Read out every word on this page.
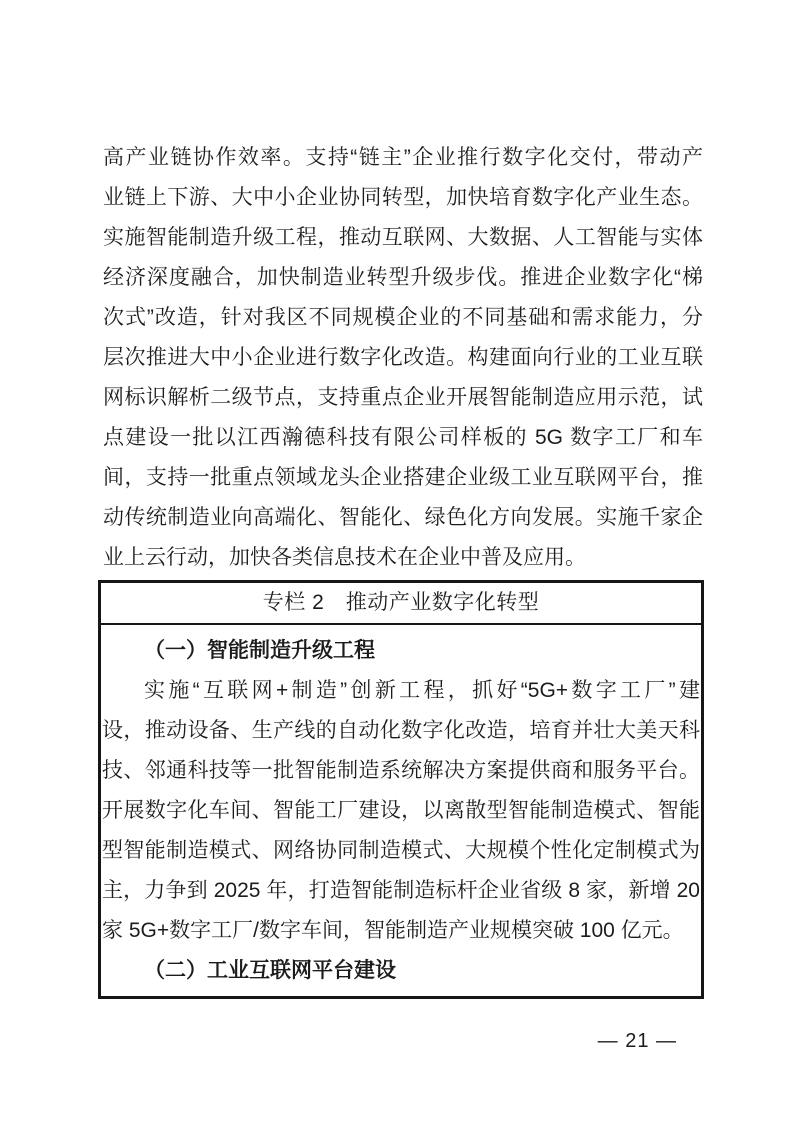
高产业链协作效率。支持“链主”企业推行数字化交付，带动产
业链上下游、大中小企业协同转型，加快培育数字化产业生态。
实施智能制造升级工程，推动互联网、大数据、人工智能与实体
经济深度融合，加快制造业转型升级步伐。推进企业数字化“梯
次式”改造，针对我区不同规模企业的不同基础和需求能力，分
层次推进大中小企业进行数字化改造。构建面向行业的工业互联
网标识解析二级节点，支持重点企业开展智能制造应用示范，试
点建设一批以江西瀚德科技有限公司样板的 5G 数字工厂和车
间，支持一批重点领域龙头企业搭建企业级工业互联网平台，推
动传统制造业向高端化、智能化、绿色化方向发展。实施千家企
业上云行动，加快各类信息技术在企业中普及应用。
专栏 2　推动产业数字化转型
（一）智能制造升级工程
实施“互联网+制造”创新工程，抓好“5G+数字工厂”建
设，推动设备、生产线的自动化数字化改造，培育并壮大美天科
技、邻通科技等一批智能制造系统解决方案提供商和服务平台。
开展数字化车间、智能工厂建设，以离散型智能制造模式、智能
型智能制造模式、网络协同制造模式、大规模个性化定制模式为
主，力争到 2025 年，打造智能制造标杆企业省级 8 家，新增 20
家 5G+数字工厂/数字车间，智能制造产业规模突破 100 亿元。
（二）工业互联网平台建设
— 21 —
